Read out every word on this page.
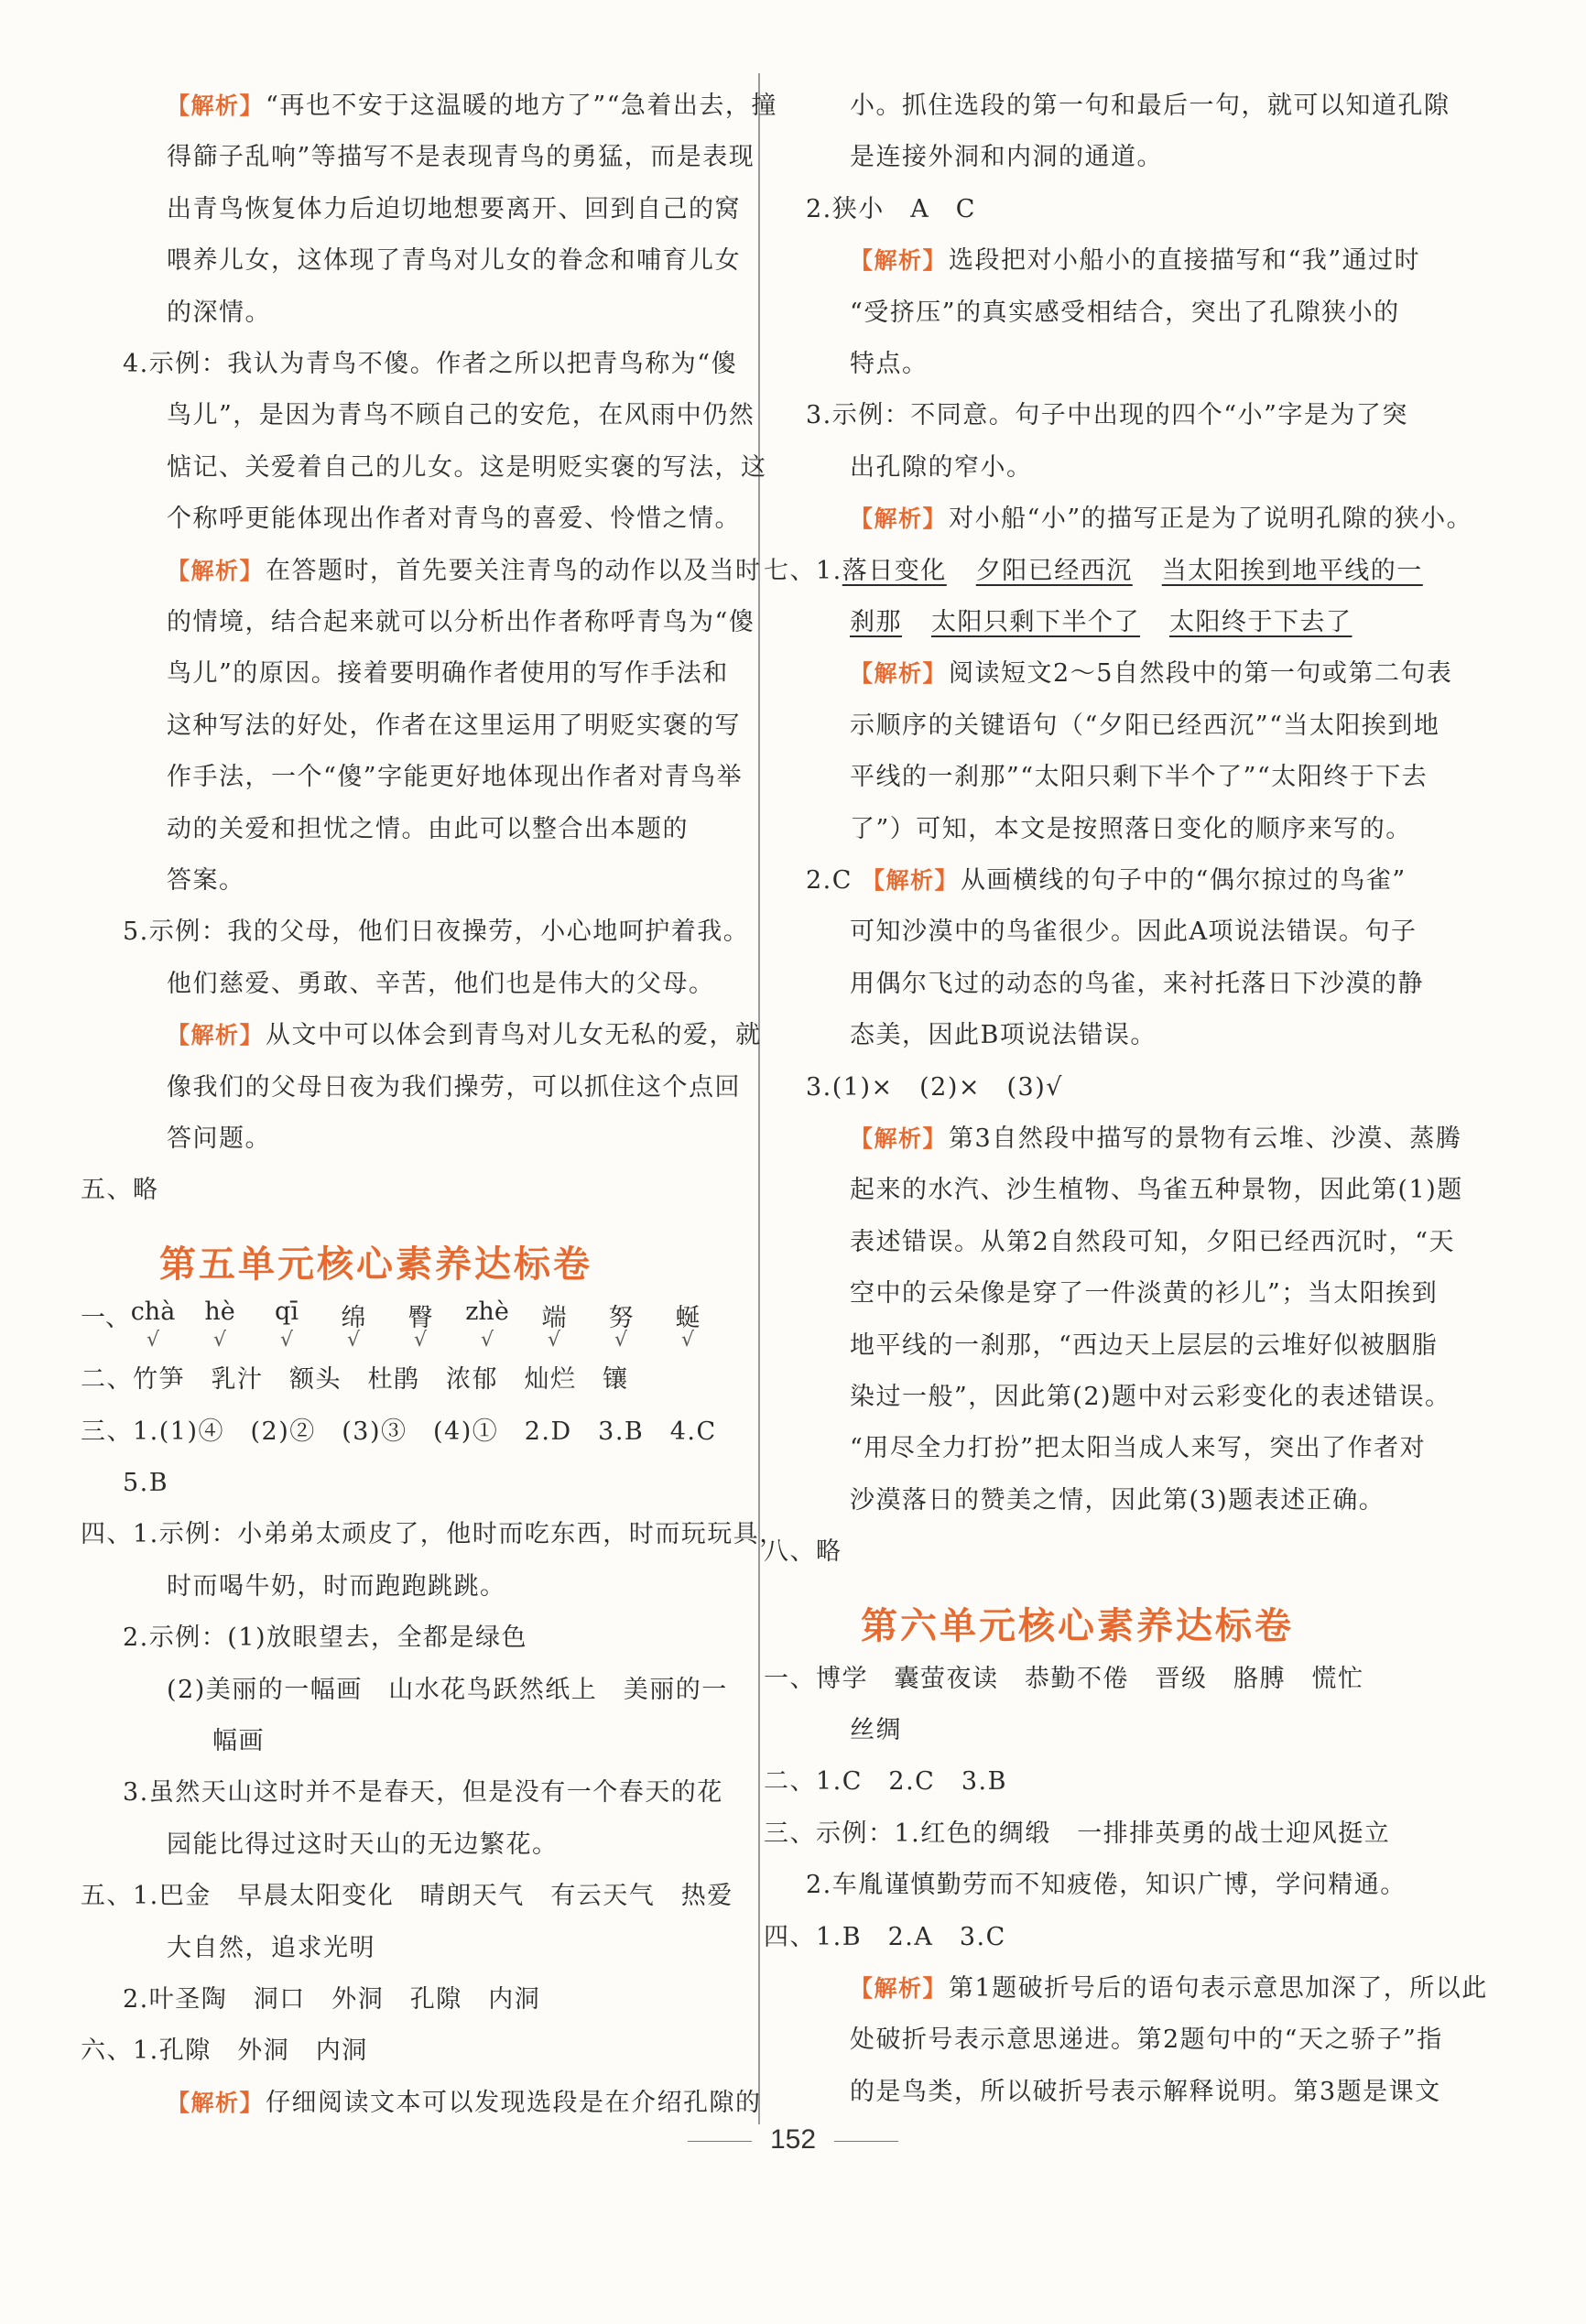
【解析】“再也不安于这温暖的地方了”“急着出去，撞
得篩子乱响”等描写不是表现青鸟的勇猛，而是表现
出青鸟恢复体力后迫切地想要离开、回到自己的窝
喂养儿女，这体现了青鸟对儿女的眷念和哺育儿女
的深情。
4.示例：我认为青鸟不傻。作者之所以把青鸟称为“傻
鸟儿”，是因为青鸟不顾自己的安危，在风雨中仍然
惦记、关爱着自己的儿女。这是明贬实褒的写法，这
个称呼更能体现出作者对青鸟的喜爱、怜惜之情。
【解析】在答题时，首先要关注青鸟的动作以及当时
的情境，结合起来就可以分析出作者称呼青鸟为“傻
鸟儿”的原因。接着要明确作者使用的写作手法和
这种写法的好处，作者在这里运用了明贬实褒的写
作手法，一个“傻”字能更好地体现出作者对青鸟举
动的关爱和担忧之情。由此可以整合出本题的
答案。
5.示例：我的父母，他们日夜操劳，小心地呵护着我。
他们慈爱、勇敢、辛苦，他们也是伟大的父母。
【解析】从文中可以体会到青鸟对儿女无私的爱，就
像我们的父母日夜为我们操劳，可以抓住这个点回
答问题。
五、略
第五单元核心素养达标卷
一、 chà
√
hè
√
qī
√
绵
√
臀
√
zhè
√
端
√
努
√
蜒
√
二、竹笋　乳汁　额头　杜鹃　浓郁　灿烂　镶
三、1.(1)④　(2)②　(3)③　(4)①　2.D　3.B　4.C
5.B
四、1.示例：小弟弟太顽皮了，他时而吃东西，时而玩玩具，
时而喝牛奶，时而跑跑跳跳。
2.示例：(1)放眼望去，全都是绿色
(2)美丽的一幅画　山水花鸟跃然纸上　美丽的一
幅画
3.虽然天山这时并不是春天，但是没有一个春天的花
园能比得过这时天山的无边繁花。
五、1.巴金　早晨太阳变化　晴朗天气　有云天气　热爱
大自然，追求光明
2.叶圣陶　洞口　外洞　孔隙　内洞
六、1.孔隙　外洞　内洞
【解析】仔细阅读文本可以发现选段是在介绍孔隙的
小。抓住选段的第一句和最后一句，就可以知道孔隙
是连接外洞和内洞的通道。
2.狭小　A　C
【解析】选段把对小船小的直接描写和“我”通过时
“受挤压”的真实感受相结合，突出了孔隙狭小的
特点。
3.示例：不同意。句子中出现的四个“小”字是为了突
出孔隙的窄小。
【解析】对小船“小”的描写正是为了说明孔隙的狭小。
七、1.落日变化 夕阳已经西沉 当太阳挨到地平线的一
刹那 太阳只剩下半个了 太阳终于下去了
【解析】阅读短文2～5自然段中的第一句或第二句表
示顺序的关键语句（“夕阳已经西沉”“当太阳挨到地
平线的一刹那”“太阳只剩下半个了”“太阳终于下去
了”）可知，本文是按照落日变化的顺序来写的。
2.C 【解析】从画横线的句子中的“偶尔掠过的鸟雀”
可知沙漠中的鸟雀很少。因此A项说法错误。句子
用偶尔飞过的动态的鸟雀，来衬托落日下沙漠的静
态美，因此B项说法错误。
3.(1)×　(2)×　(3)√
【解析】第3自然段中描写的景物有云堆、沙漠、蒸腾
起来的水汽、沙生植物、鸟雀五种景物，因此第(1)题
表述错误。从第2自然段可知，夕阳已经西沉时，“天
空中的云朵像是穿了一件淡黄的衫儿”；当太阳挨到
地平线的一刹那，“西边天上层层的云堆好似被胭脂
染过一般”，因此第(2)题中对云彩变化的表述错误。
“用尽全力打扮”把太阳当成人来写，突出了作者对
沙漠落日的赞美之情，因此第(3)题表述正确。
八、略
第六单元核心素养达标卷
一、博学　囊萤夜读　恭勤不倦　晋级　胳膊　慌忙
丝绸
二、1.C　2.C　3.B
三、示例：1.红色的绸缎　一排排英勇的战士迎风挺立
2.车胤谨慎勤劳而不知疲倦，知识广博，学问精通。
四、1.B　2.A　3.C
【解析】第1题破折号后的语句表示意思加深了，所以此
处破折号表示意思递进。第2题句中的“天之骄子”指
的是鸟类，所以破折号表示解释说明。第3题是课文
152
